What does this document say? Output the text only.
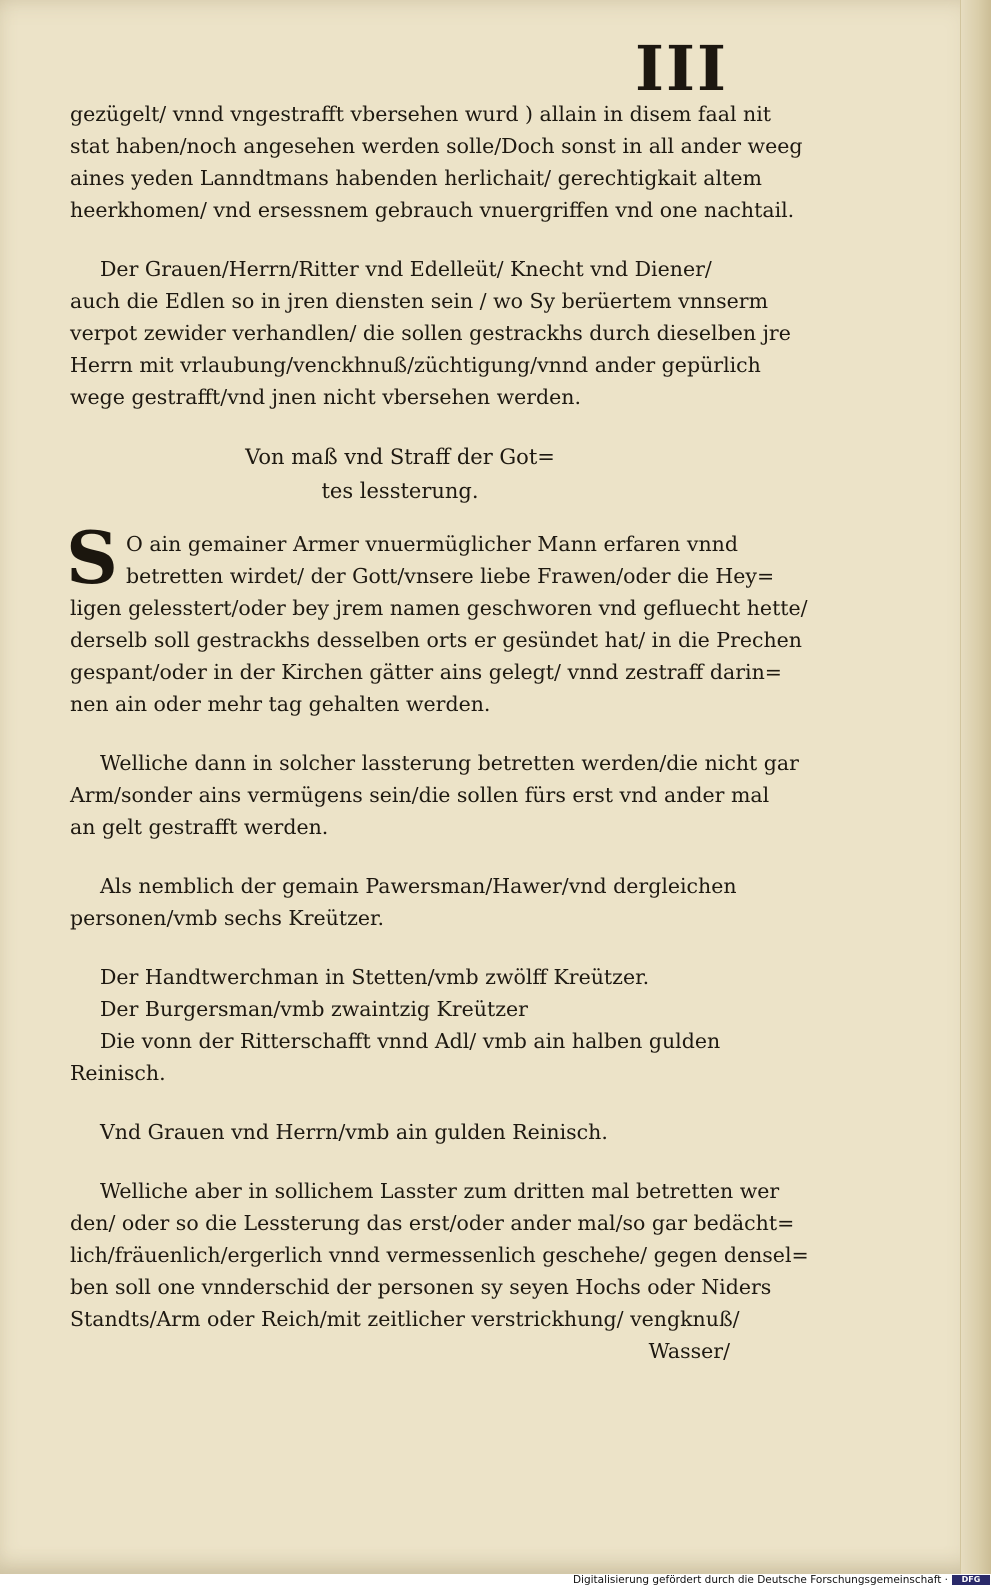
III
gezügelt/ vnnd vngestrafft vbersehen wurd ) allain in disem faal nit
stat haben/noch angesehen werden solle/Doch sonst in all ander weeg
aines yeden Lanndtmans habenden herlichait/ gerechtigkait altem
heerkhomen/ vnd ersessnem gebrauch vnuergriffen vnd one nachtail.
Der Grauen/Herrn/Ritter vnd Edelleüt/ Knecht vnd Diener/
auch die Edlen so in jren diensten sein / wo Sy berüertem vnnserm
verpot zewider verhandlen/ die sollen gestrackhs durch dieselben jre
Herrn mit vrlaubung/venckhnuß/züchtigung/vnnd ander gepürlich
wege gestrafft/vnd jnen nicht vbersehen werden.
Von maß vnd Straff der Got=
tes lessterung.
S O ain gemainer Armer vnuermüglicher Mann erfaren vnnd
betretten wirdet/ der Gott/vnsere liebe Frawen/oder die Hey=
ligen gelesstert/oder bey jrem namen geschworen vnd gefluecht hette/
derselb soll gestrackhs desselben orts er gesündet hat/ in die Prechen
gespant/oder in der Kirchen gätter ains gelegt/ vnnd zestraff darin=
nen ain oder mehr tag gehalten werden.
Welliche dann in solcher lassterung betretten werden/die nicht gar
Arm/sonder ains vermügens sein/die sollen fürs erst vnd ander mal
an gelt gestrafft werden.
Als nemblich der gemain Pawersman/Hawer/vnd dergleichen
personen/vmb sechs Kreützer.
Der Handtwerchman in Stetten/vmb zwölff Kreützer.
Der Burgersman/vmb zwaintzig Kreützer
Die vonn der Ritterschafft vnnd Adl/ vmb ain halben gulden
Reinisch.
Vnd Grauen vnd Herrn/vmb ain gulden Reinisch.
Welliche aber in sollichem Lasster zum dritten mal betretten wer
den/ oder so die Lessterung das erst/oder ander mal/so gar bedächt=
lich/fräuenlich/ergerlich vnnd vermessenlich geschehe/ gegen densel=
ben soll one vnnderschid der personen sy seyen Hochs oder Niders
Standts/Arm oder Reich/mit zeitlicher verstrickhung/ vengknuß/
Wasser/
Digitalisierung gefördert durch die Deutsche Forschungsgemeinschaft ·	DFG
